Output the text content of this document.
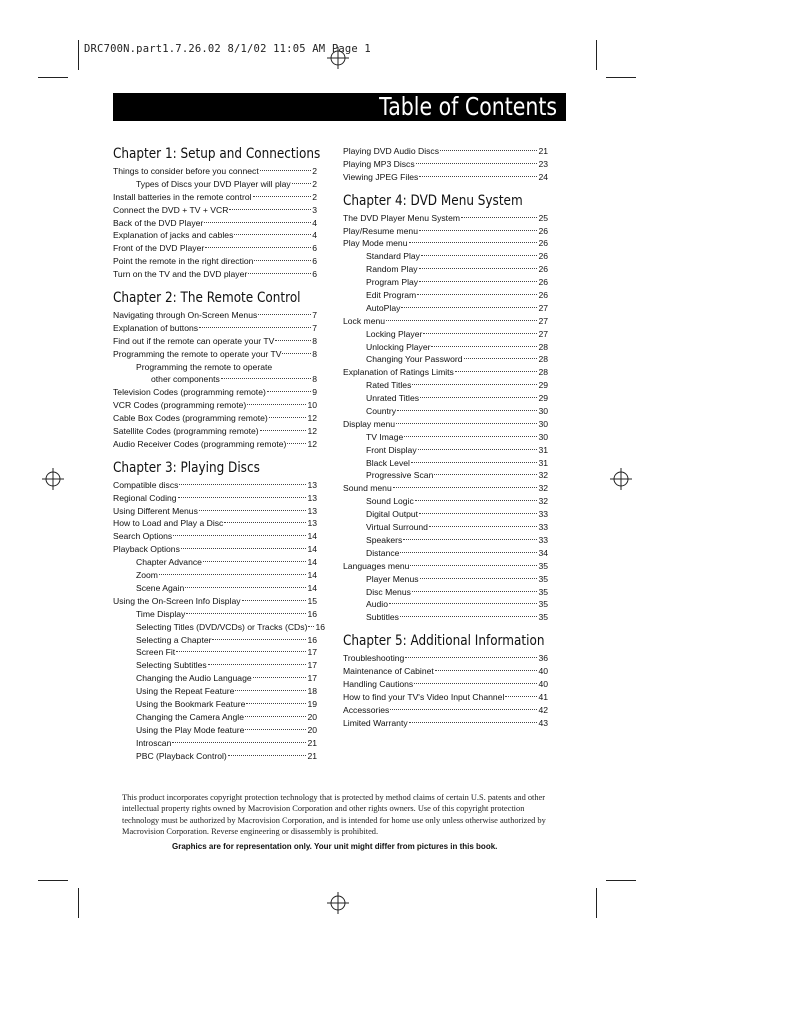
DRC700N.part1.7.26.02 8/1/02 11:05 AM Page 1
Table of Contents
Chapter 1: Setup and Connections
Things to consider before you connect	2
Types of Discs your DVD Player will play 2
Install batteries in the remote control	2
Connect the DVD + TV + VCR	3
Back of the DVD Player	4
Explanation of jacks and cables	4
Front of the DVD Player	6
Point the remote in the right direction	6
Turn on the TV and the DVD player	6
Chapter 2: The Remote Control
Navigating through On-Screen Menus	7
Explanation of buttons	7
Find out if the remote can operate your TV	8
Programming the remote to operate your TV	8
Programming the remote to operate
other components	8
Television Codes (programming remote)	9
VCR Codes (programming remote)	10
Cable Box Codes (programming remote)	12
Satellite Codes (programming remote)	12
Audio Receiver Codes (programming remote) 12
Chapter 3: Playing Discs
Compatible discs	13
Regional Coding	13
Using Different Menus	13
How to Load and Play a Disc	13
Search Options	14
Playback Options	14
Chapter Advance	14
Zoom	14
Scene Again	14
Using the On-Screen Info Display	15
Time Display	16
Selecting Titles (DVD/VCDs) or Tracks (CDs) 16
Selecting a Chapter	16
Screen Fit	17
Selecting Subtitles	17
Changing the Audio Language	17
Using the Repeat Feature	18
Using the Bookmark Feature	19
Changing the Camera Angle	20
Using the Play Mode feature	20
Introscan	21
PBC (Playback Control)	21
Playing DVD Audio Discs	21
Playing MP3 Discs	23
Viewing JPEG Files	24
Chapter 4: DVD Menu System
The DVD Player Menu System	25
Play/Resume menu	26
Play Mode menu	26
Standard Play	26
Random Play	26
Program Play	26
Edit Program	26
AutoPlay	27
Lock menu	27
Locking Player	27
Unlocking Player	28
Changing Your Password	28
Explanation of Ratings Limits	28
Rated Titles	29
Unrated Titles	29
Country	30
Display menu	30
TV Image	30
Front Display	31
Black Level	31
Progressive Scan	32
Sound menu	32
Sound Logic	32
Digital Output	33
Virtual Surround	33
Speakers	33
Distance	34
Languages menu	35
Player Menus	35
Disc Menus	35
Audio	35
Subtitles	35
Chapter 5: Additional Information
Troubleshooting	36
Maintenance of Cabinet	40
Handling Cautions	40
How to find your TV's Video Input Channel	41
Accessories	42
Limited Warranty	43
This product incorporates copyright protection technology that is protected by method claims of certain U.S. patents and other intellectual property rights owned by Macrovision Corporation and other rights owners. Use of this copyright protection technology must be authorized by Macrovision Corporation, and is intended for home use only unless otherwise authorized by Macrovision Corporation. Reverse engineering or disassembly is prohibited.
Graphics are for representation only. Your unit might differ from pictures in this book.
